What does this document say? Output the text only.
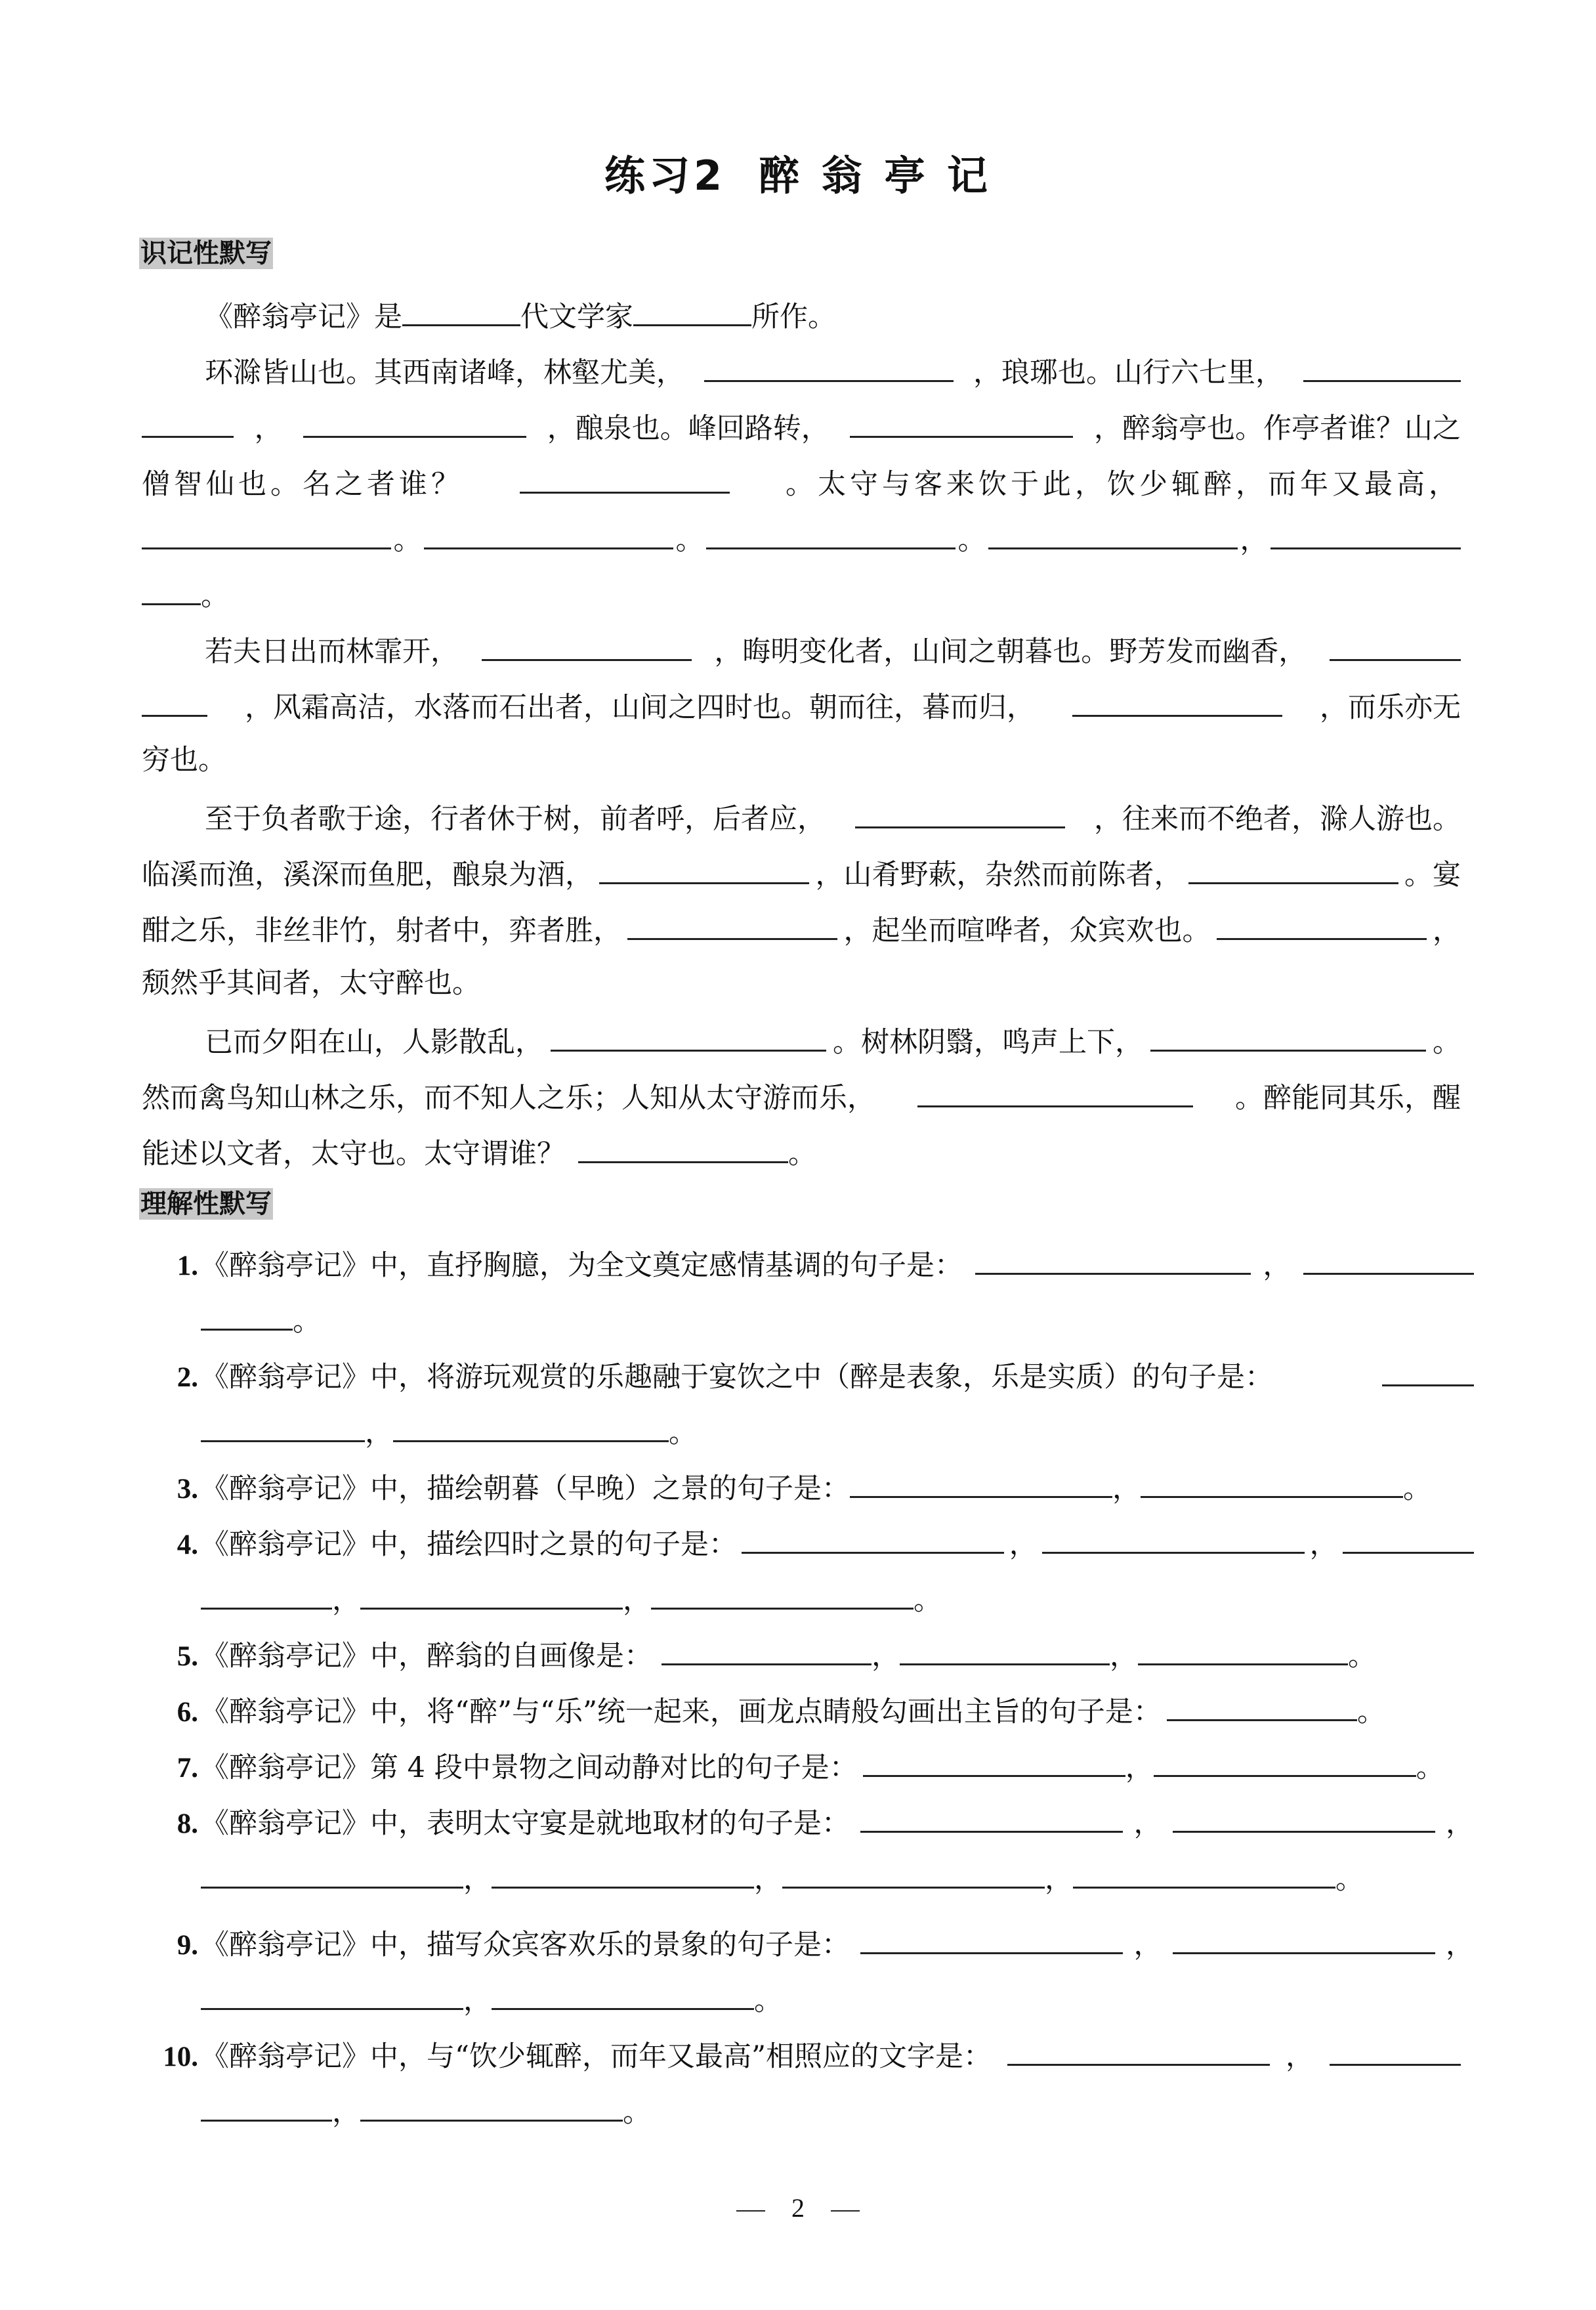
练习2 醉 翁 亭 记
识记性默写
《醉翁亭记》是	代文学家	所作。
环滁皆山也。其西南诸峰，林壑尤美，	，琅琊也。山行六七里，
，	，酿泉也。峰回路转，	，醉翁亭也。作亭者谁？山之
僧智仙也。名之者谁？	。太守与客来饮于此，饮少辄醉，而年又最高，
。	。	。	，
。
若夫日出而林霏开，	，晦明变化者，山间之朝暮也。野芳发而幽香，
，风霜高洁，水落而石出者，山间之四时也。朝而往，暮而归，	，而乐亦无
穷也。
至于负者歌于途，行者休于树，前者呼，后者应，	，往来而不绝者，滁人游也。
临溪而渔，溪深而鱼肥，酿泉为酒，	，山肴野蔌，杂然而前陈者，	。宴
酣之乐，非丝非竹，射者中，弈者胜，	，起坐而喧哗者，众宾欢也。	，
颓然乎其间者，太守醉也。
已而夕阳在山，人影散乱，	。树林阴翳，鸣声上下，	。
然而禽鸟知山林之乐，而不知人之乐；人知从太守游而乐，	。醉能同其乐，醒
能述以文者，太守也。太守谓谁？	。
理解性默写
1.《醉翁亭记》中，直抒胸臆，为全文奠定感情基调的句子是：	，
。
2.《醉翁亭记》中，将游玩观赏的乐趣融于宴饮之中（醉是表象，乐是实质）的句子是：
，	。
3.《醉翁亭记》中，描绘朝暮（早晚）之景的句子是：	，	。
4.《醉翁亭记》中，描绘四时之景的句子是：	，	，
，	，	。
5.《醉翁亭记》中，醉翁的自画像是：	，	，	。
6.《醉翁亭记》中，将“醉”与“乐”统一起来，画龙点睛般勾画出主旨的句子是：	。
7.《醉翁亭记》第 4 段中景物之间动静对比的句子是：	，	。
8.《醉翁亭记》中，表明太守宴是就地取材的句子是：	，	，
，	，	，	。
9.《醉翁亭记》中，描写众宾客欢乐的景象的句子是：	，	，
，	。
10.《醉翁亭记》中，与“饮少辄醉，而年又最高”相照应的文字是：	，
，	。
2
